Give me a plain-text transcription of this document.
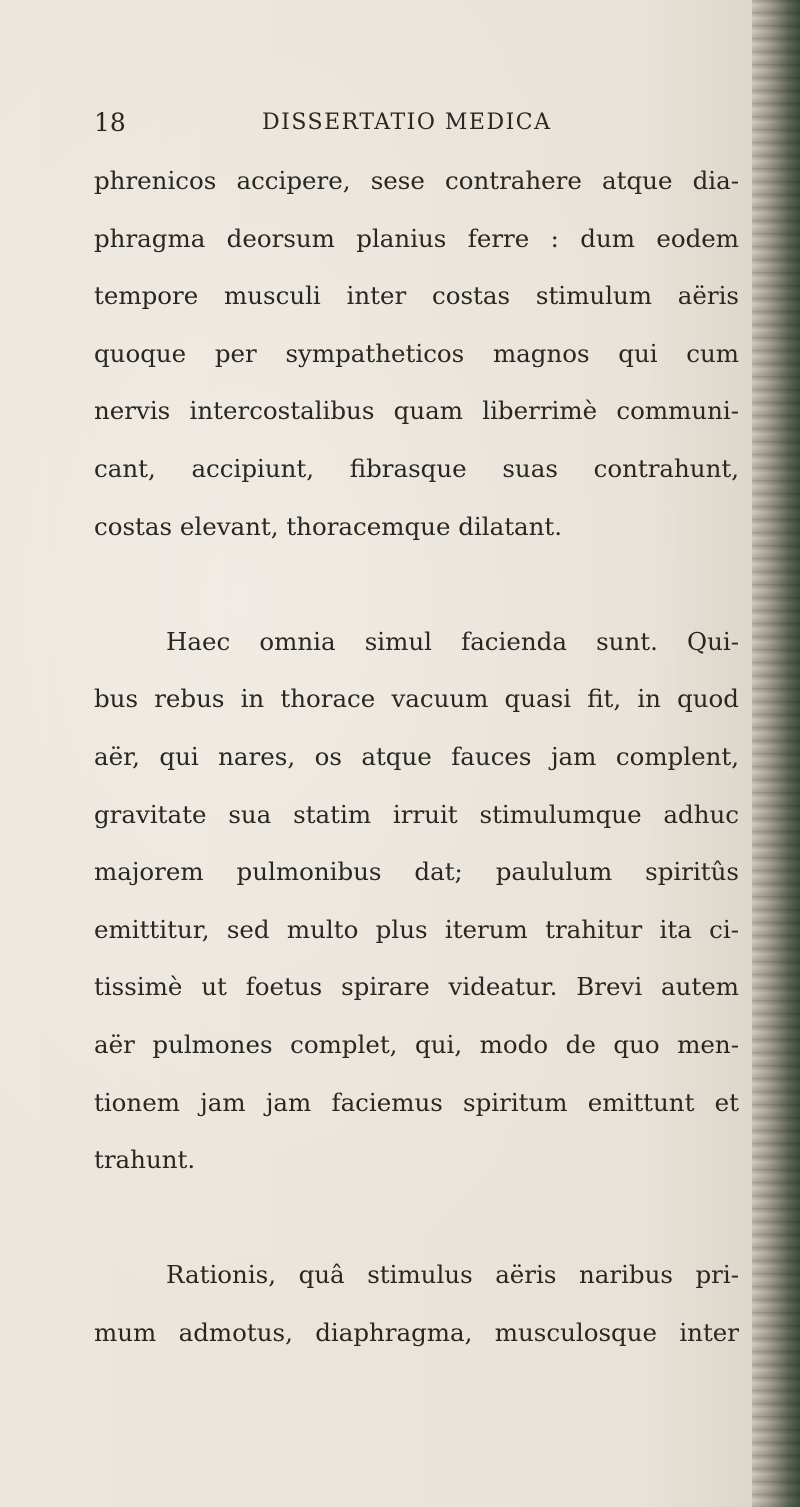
18	DISSERTATIO MEDICA
phrenicos accipere, sese contrahere atque dia-
phragma deorsum planius ferre : dum eodem
tempore musculi inter costas stimulum aëris
quoque per sympatheticos magnos qui cum
nervis intercostalibus quam liberrimè communi-
cant, accipiunt, fibrasque suas contrahunt,
costas elevant, thoracemque dilatant.
Haec omnia simul facienda sunt. Qui-
bus rebus in thorace vacuum quasi fit, in quod
aër, qui nares, os atque fauces jam complent,
gravitate sua statim irruit stimulumque adhuc
majorem pulmonibus dat; paululum spiritûs
emittitur, sed multo plus iterum trahitur ita ci-
tissimè ut foetus spirare videatur. Brevi autem
aër pulmones complet, qui, modo de quo men-
tionem jam jam faciemus spiritum emittunt et
trahunt.
Rationis, quâ stimulus aëris naribus pri-
mum admotus, diaphragma, musculosque inter
